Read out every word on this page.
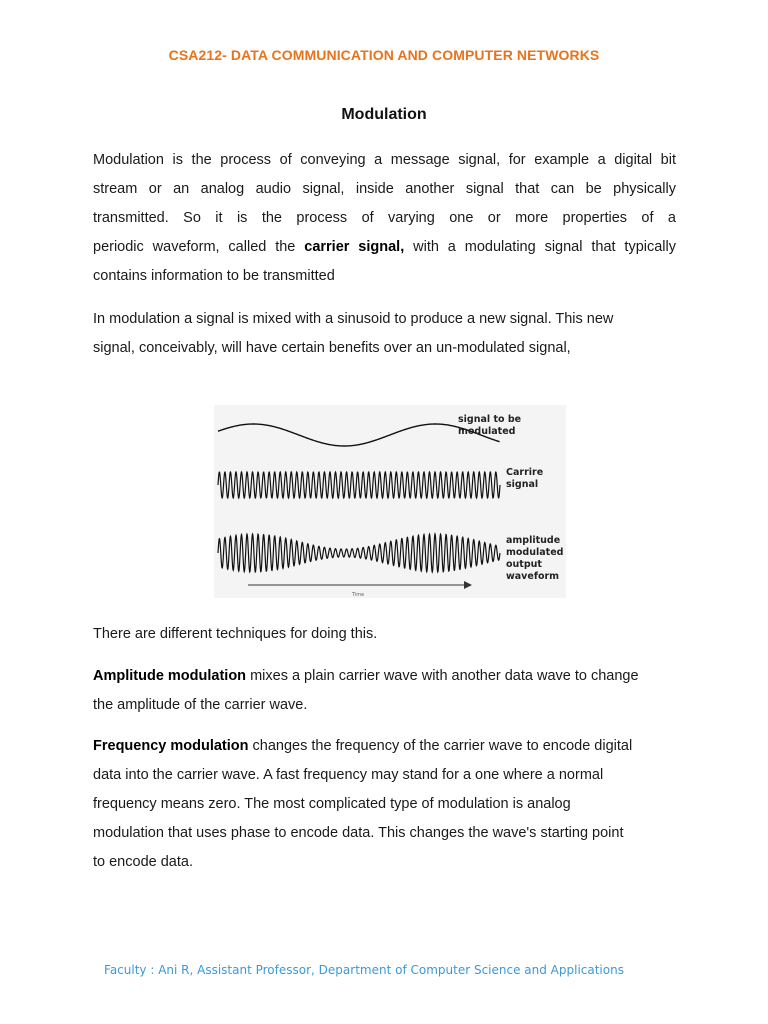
CSA212- DATA COMMUNICATION AND COMPUTER NETWORKS
Modulation
Modulation is the process of conveying a message signal, for example a digital bit
stream or an analog audio signal, inside another signal that can be physically
transmitted. So it is the process of varying one or more properties of a
periodic waveform, called the carrier signal, with a modulating signal that typically
contains information to be transmitted
In modulation a signal is mixed with a sinusoid to produce a new signal. This new
signal, conceivably, will have certain benefits over an un-modulated signal,
Time
signal to be
modulated
Carrire
signal
amplitude
modulated
output
waveform
There are different techniques for doing this.
Amplitude modulation mixes a plain carrier wave with another data wave to change
the amplitude of the carrier wave.
Frequency modulation changes the frequency of the carrier wave to encode digital
data into the carrier wave. A fast frequency may stand for a one where a normal
frequency means zero. The most complicated type of modulation is analog
modulation that uses phase to encode data. This changes the wave's starting point
to encode data.
Faculty : Ani R, Assistant Professor, Department of Computer Science and Applications
